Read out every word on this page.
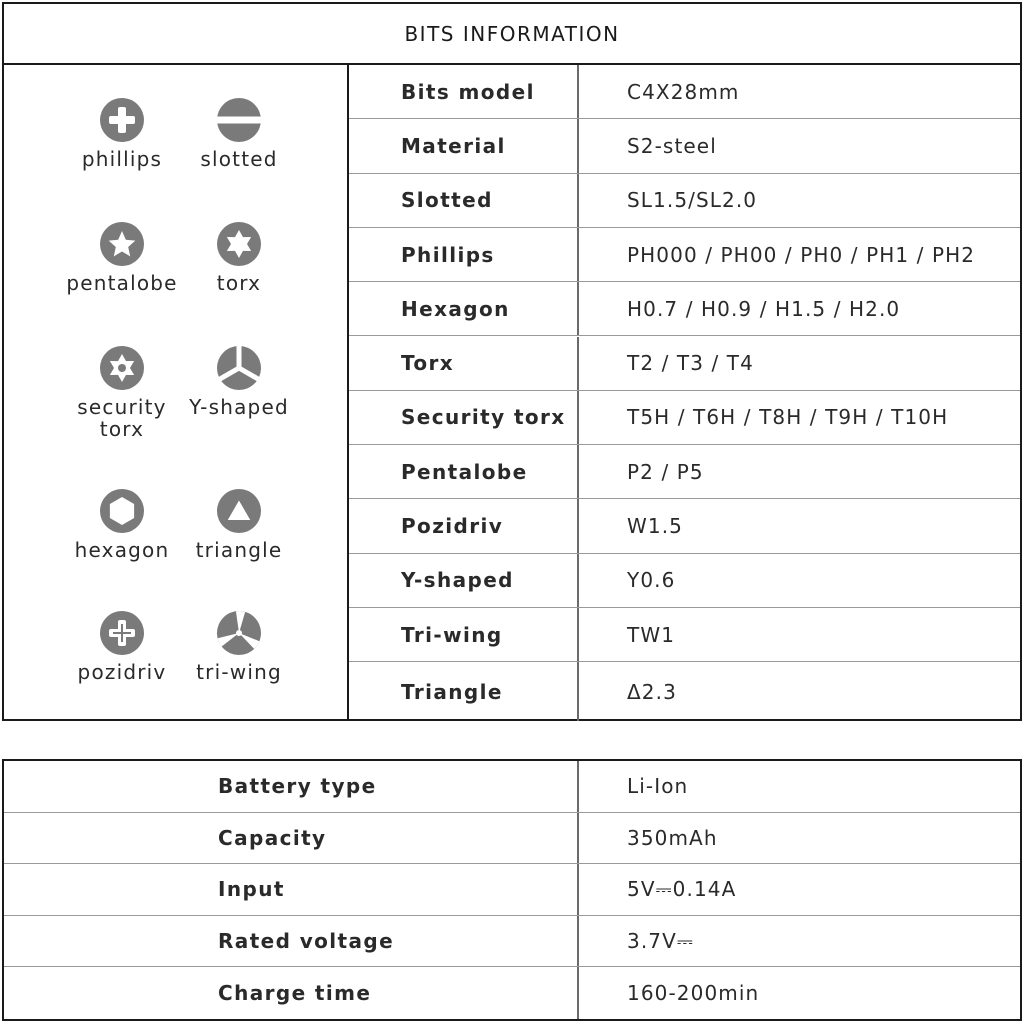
BITS INFORMATION
phillips	slotted
pentalobe	torx
security
torx
Y-shaped
hexagon	triangle
pozidriv	tri-wing
Bits model	C4X28mm
Material	S2-steel
Slotted	SL1.5/SL2.0
Phillips	PH000 / PH00 / PH0 / PH1 / PH2
Hexagon	H0.7 / H0.9 / H1.5 / H2.0
Torx	T2 / T3 / T4
Security torx	T5H / T6H / T8H / T9H / T10H
Pentalobe	P2 / P5
Pozidriv	W1.5
Y-shaped	Y0.6
Tri-wing	TW1
Triangle	Δ2.3
Battery type	Li-Ion
Capacity	350mAh
Input	5V⎓0.14A
Rated voltage	3.7V⎓
Charge time	160-200min
